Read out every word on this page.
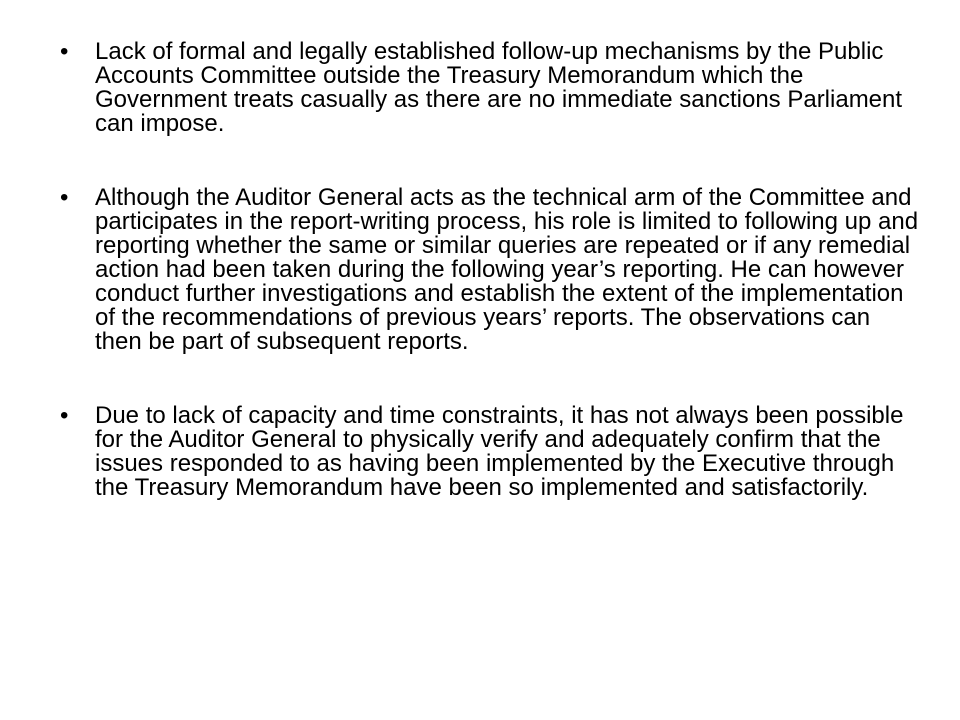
• Lack of formal and legally established follow-up mechanisms by the Public Accounts Committee outside the Treasury Memorandum which the Government treats casually as there are no immediate sanctions Parliament can impose.
• Although the Auditor General acts as the technical arm of the Committee and participates in the report-writing process, his role is limited to following up and reporting whether the same or similar queries are repeated or if any remedial action had been taken during the following year’s reporting. He can however conduct further investigations and establish the extent of the implementation of the recommendations of previous years’ reports. The observations can then be part of subsequent reports.
• Due to lack of capacity and time constraints, it has not always been possible for the Auditor General to physically verify and adequately confirm that the issues responded to as having been implemented by the Executive through the Treasury Memorandum have been so implemented and satisfactorily.
